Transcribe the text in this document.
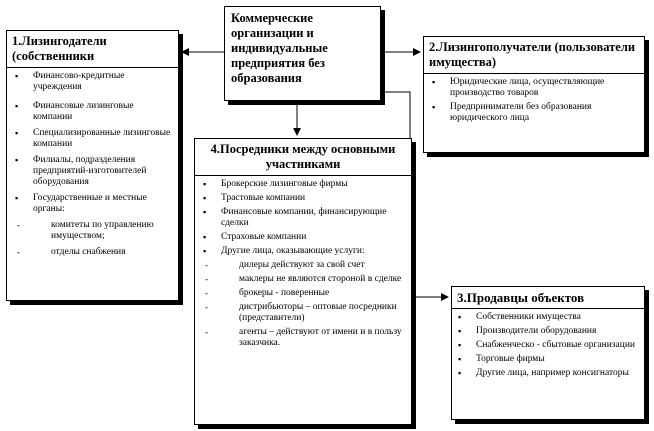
Коммерческие организации и индивидуальные предприятия без образования
1.Лизингодатели (собственники
▪ Финансово-кредитные учреждения
▪ Финансовые лизинговые компании
▪ Специализированные лизинговые компании
▪ Филиалы, подразделения предприятий-изготовителей оборудования
▪ Государственные и местные органы:
- комитеты по управлению имуществом;
- отделы снабжения
2.Лизингополучатели (пользователи имущества)
▪ Юридические лица, осуществляющие производство товаров
▪ Предприниматели без образования юридического лица
4.Посредники между основными участниками
▪ Брокерские лизинговые фирмы
▪ Трастовые компании
▪ Финансовые компании, финансирующие сделки
▪ Страховые компании
▪ Другие лица, оказывающие услуги:
- дилеры действуют за свой счет
- маклеры не являются стороной в сделке
- брокеры - поверенные
- дистрибьюторы – оптовые посредники (представители)
- агенты – действуют от имени и в пользу заказчика.
3.Продавцы объектов
▪ Собственники имущества
▪ Производители оборудования
▪ Снабженческо - сбытовые организации
▪ Торговые фирмы
▪ Другие лица, например консигнаторы
